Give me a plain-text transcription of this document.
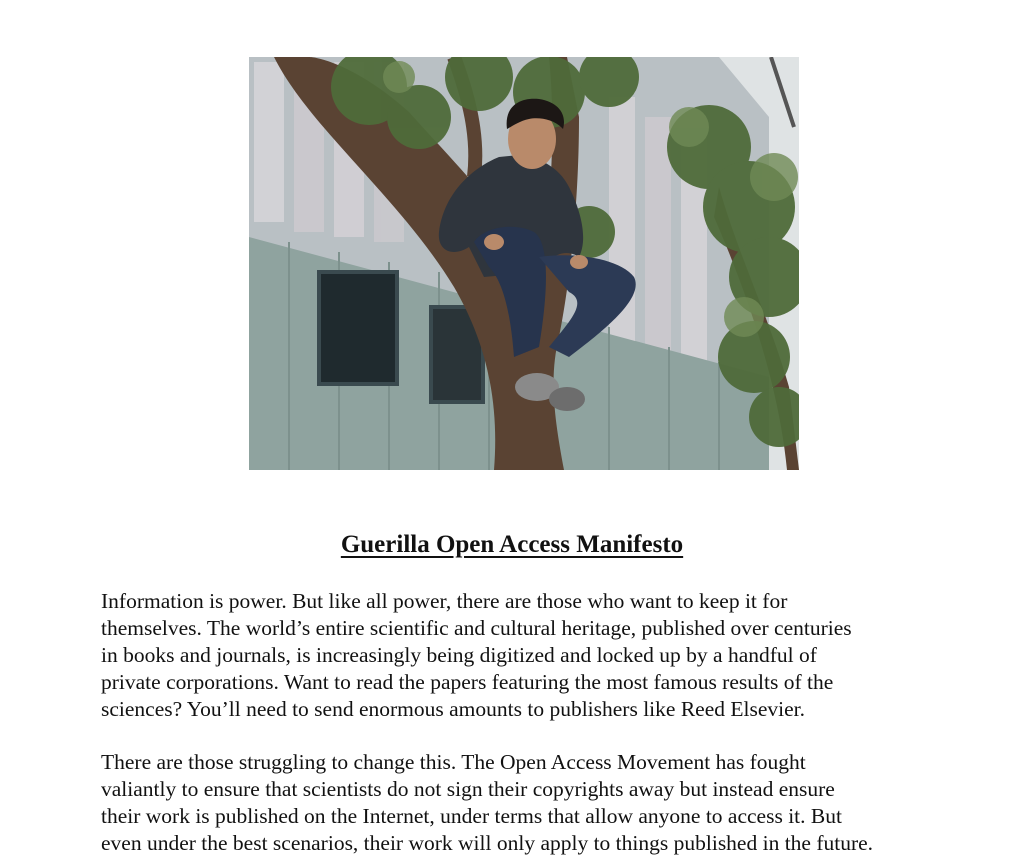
Guerilla Open Access Manifesto

Information is power. But like all power, there are those who want to keep it for
themselves. The world’s entire scientific and cultural heritage, published over centuries
in books and journals, is increasingly being digitized and locked up by a handful of
private corporations. Want to read the papers featuring the most famous results of the
sciences? You’ll need to send enormous amounts to publishers like Reed Elsevier.

There are those struggling to change this. The Open Access Movement has fought
valiantly to ensure that scientists do not sign their copyrights away but instead ensure
their work is published on the Internet, under terms that allow anyone to access it. But
even under the best scenarios, their work will only apply to things published in the future.
